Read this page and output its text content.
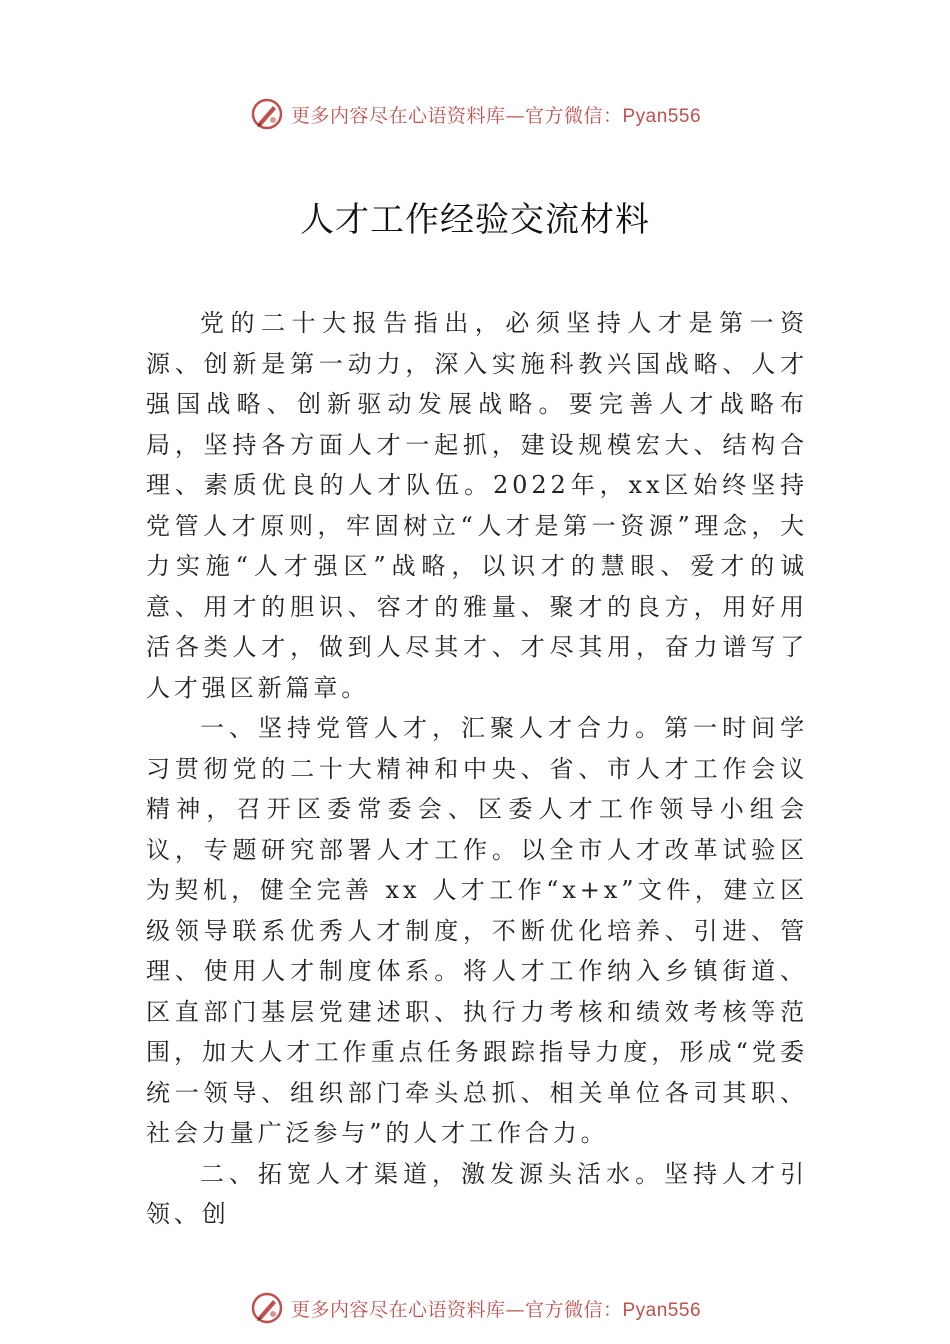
更多内容尽在心语资料库—官方微信：Pyan556
人才工作经验交流材料

党的二十大报告指出，必须坚持人才是第一资源、创新是第一动力，深入实施科教兴国战略、人才强国战略、创新驱动发展战略。要完善人才战略布局，坚持各方面人才一起抓，建设规模宏大、结构合理、素质优良的人才队伍。2022年，xx区始终坚持党管人才原则，牢固树立“人才是第一资源”理念，大力实施“人才强区”战略，以识才的慧眼、爱才的诚意、用才的胆识、容才的雅量、聚才的良方，用好用 活各类人才，做到人尽其才、才尽其用，奋力谱写了人才强区新篇章。

一、坚持党管人才，汇聚人才合力。第一时间学习贯彻党的二十大精神和中央、省、市人才工作会议精神，召开区委常委会、区委人才工作领导小组会议，专题研究部署人才工作。以全市人才改革试验区为契机，健全完善 xx 人才工作“x+x”文件，建立区级领导联系优秀人才制度，不断优化培养、引进、管理、使用人才制度体系。将人才工作纳入乡镇街道、区直部门基层党建述职、执行力考核和绩效考核等范围，加大人才工作重点任务跟踪指导力度，形成“党委统一领导、组织部门牵头总抓、相关单位各司其职、社会力量广泛参与”的人才工作合力。

二、拓宽人才渠道，激发源头活水。坚持人才引领、创

更多内容尽在心语资料库—官方微信：Pyan556
